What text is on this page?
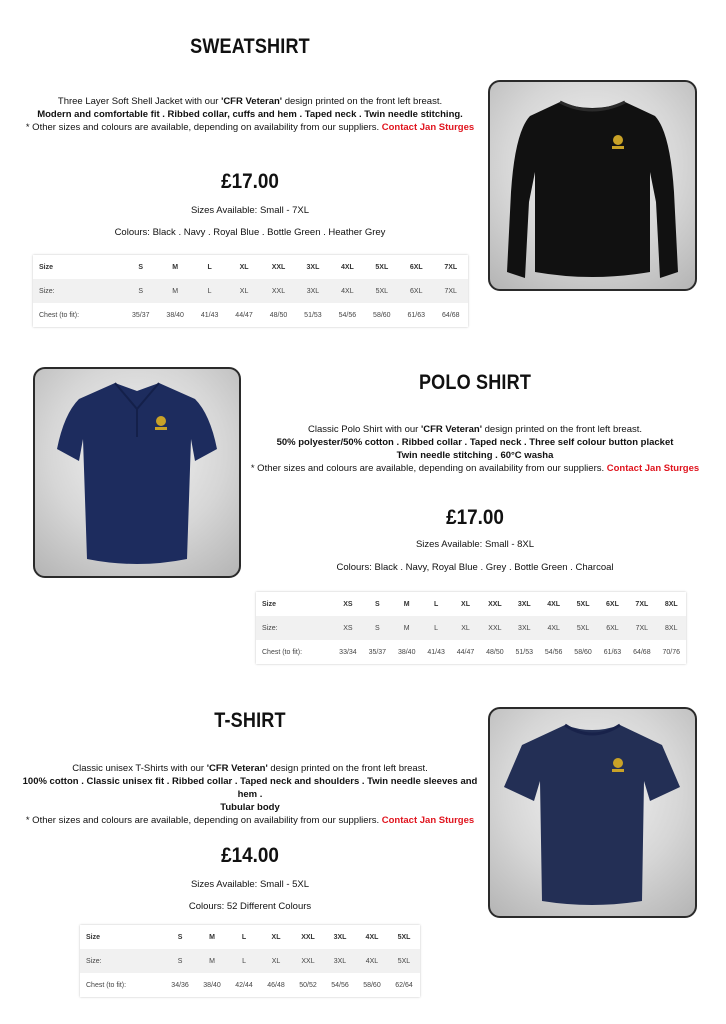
SWEATSHIRT
Three Layer Soft Shell Jacket with our 'CFR Veteran' design printed on the front left breast.
Modern and comfortable fit . Ribbed collar, cuffs and hem . Taped neck . Twin needle stitching.
* Other sizes and colours are available, depending on availability from our suppliers. Contact Jan Sturges
£17.00
Sizes Available: Small - 7XL
Colours: Black . Navy . Royal Blue . Bottle Green . Heather Grey
Size	S	M	L	XL	XXL	3XL	4XL	5XL	6XL	7XL
Size:	S	M	L	XL	XXL	3XL	4XL	5XL	6XL	7XL
Chest (to fit):	35/37	38/40	41/43	44/47	48/50	51/53	54/56	58/60	61/63	64/68
POLO SHIRT
Classic Polo Shirt with our 'CFR Veteran' design printed on the front left breast.
50% polyester/50% cotton . Ribbed collar . Taped neck . Three self colour button placket
Twin needle stitching . 60°C washa
* Other sizes and colours are available, depending on availability from our suppliers. Contact Jan Sturges
£17.00
Sizes Available: Small - 8XL
Colours: Black . Navy, Royal Blue . Grey . Bottle Green . Charcoal
Size	XS	S	M	L	XL	XXL	3XL	4XL	5XL	6XL	7XL	8XL
Size:	XS	S	M	L	XL	XXL	3XL	4XL	5XL	6XL	7XL	8XL
Chest (to fit):	33/34	35/37	38/40	41/43	44/47	48/50	51/53	54/56	58/60	61/63	64/68	70/76
T-SHIRT
Classic unisex T-Shirts with our 'CFR Veteran' design printed on the front left breast.
100% cotton . Classic unisex fit . Ribbed collar . Taped neck and shoulders . Twin needle sleeves and hem .
Tubular body
* Other sizes and colours are available, depending on availability from our suppliers. Contact Jan Sturges
£14.00
Sizes Available: Small - 5XL
Colours: 52 Different Colours
Size	S	M	L	XL	XXL	3XL	4XL	5XL
Size:	S	M	L	XL	XXL	3XL	4XL	5XL
Chest (to fit):	34/36	38/40	42/44	46/48	50/52	54/56	58/60	62/64
